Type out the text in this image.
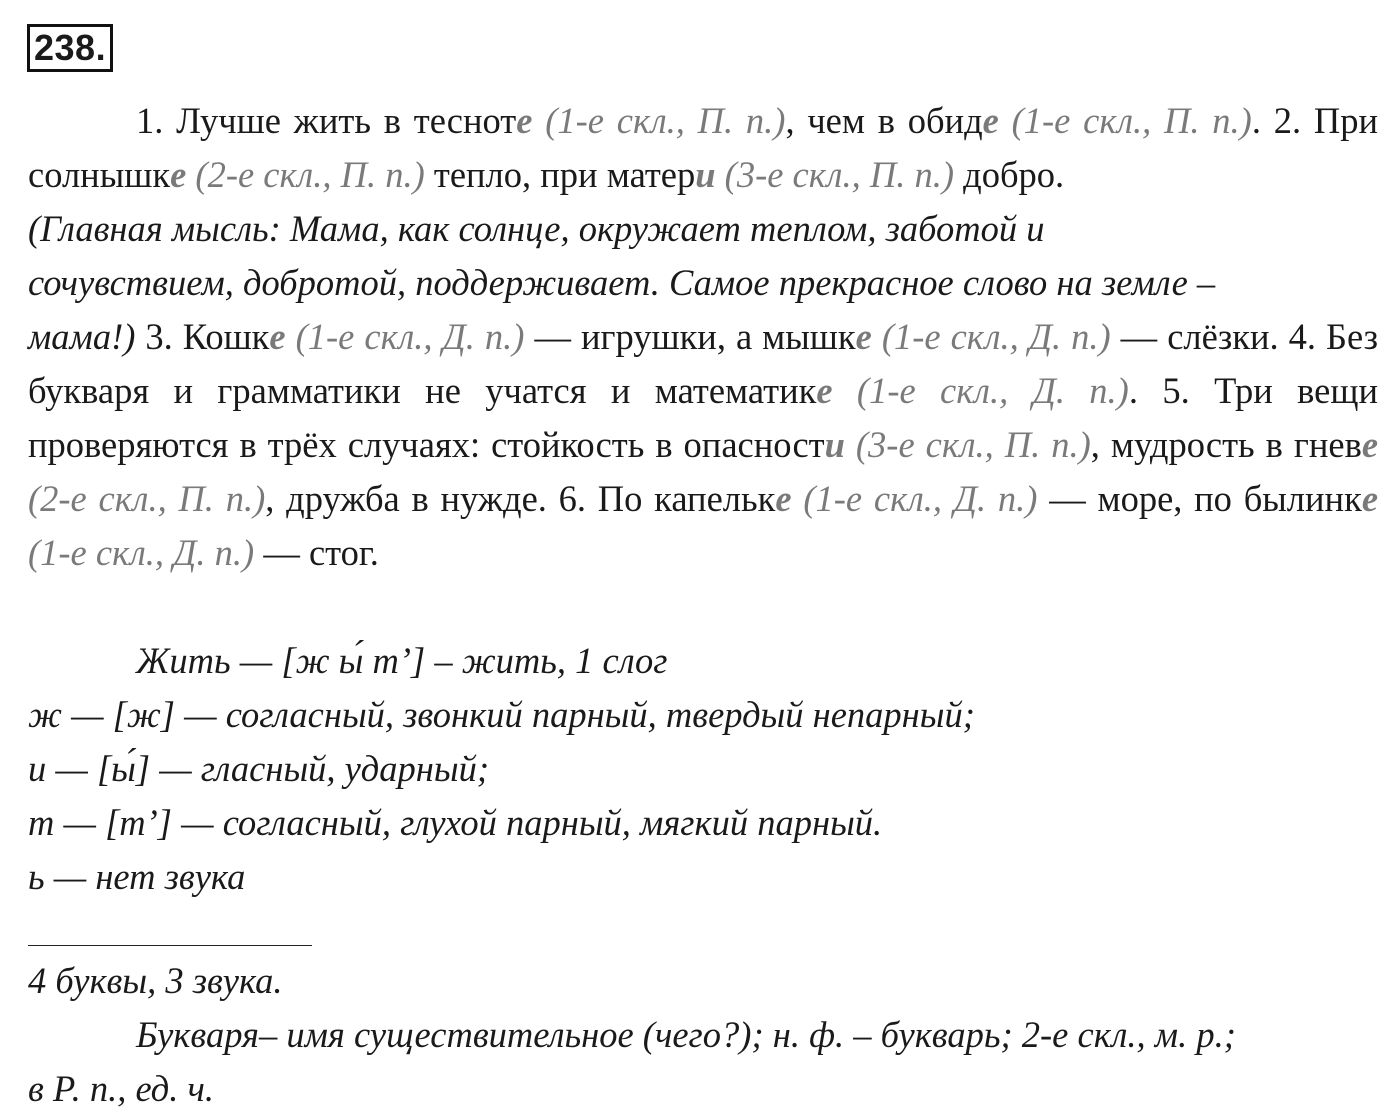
238.

1. Лучше жить в тесноте (1-е скл., П. п.), чем в обиде (1-е скл., П. п.). 2. При солнышке (2-е скл., П. п.) тепло, при матери (3-е скл., П. п.) добро.
(Главная мысль: Мама, как солнце, окружает теплом, заботой и
сочувствием, добротой, поддерживает. Самое прекрасное слово на земле –
мама!) 3. Кошке (1-е скл., Д. п.) — игрушки, а мышке (1-е скл., Д. п.) — слёзки. 4. Без букваря и грамматики не учатся и математике (1-е скл., Д. п.). 5. Три вещи проверяются в трёх случаях: стойкость в опасности (3-е скл., П. п.), мудрость в гневе (2-е скл., П. п.), дружба в нужде. 6. По капельке (1-е скл., Д. п.) — море, по былинке (1-е скл., Д. п.) — стог.

Жить — [ж ы́ т’] – жить, 1 слог

ж — [ж] — согласный, звонкий парный, твердый непарный;

и — [ы́] — гласный, ударный;

т — [т’] — согласный, глухой парный, мягкий парный.

ь — нет звука

4 буквы, 3 звука.

Букваря– имя существительное (чего?); н. ф. – букварь; 2-е скл., м. р.;

в Р. п., ед. ч.
